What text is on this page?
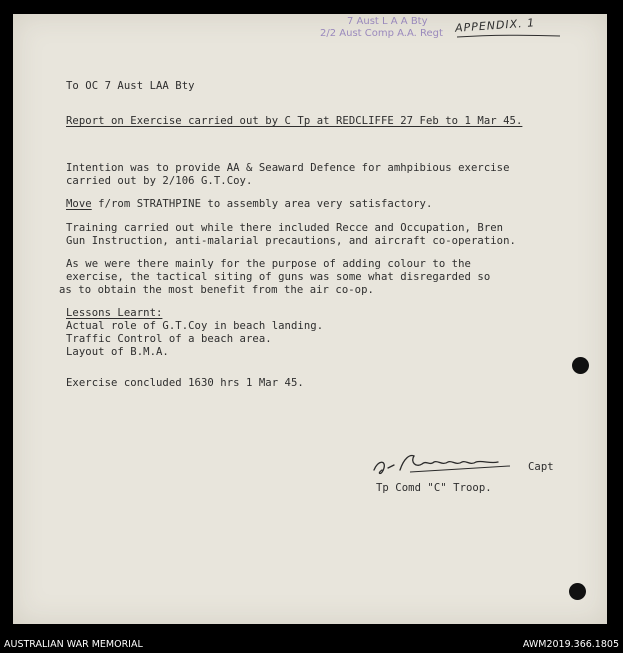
7 Aust L A A Bty
2/2 Aust Comp A.A. Regt APPENDIX. 1

To OC 7 Aust LAA Bty

Report on Exercise carried out by C Tp at REDCLIFFE 27 Feb to 1 Mar 45.

Intention was to provide AA & Seaward Defence for amhpibious exercise

carried out by 2/106 G.T.Coy.

Move f/rom STRATHPINE to assembly area very satisfactory.

Training carried out while there included Recce and Occupation, Bren

Gun Instruction, anti-malarial precautions, and aircraft co-operation.

As we were there mainly for the purpose of adding colour to the

exercise, the tactical siting of guns was some what disregarded so

as to obtain the most benefit from the air co-op.

Lessons Learnt:

Actual role of G.T.Coy in beach landing.

Traffic Control of a beach area.

Layout of B.M.A.

Exercise concluded 1630 hrs 1 Mar 45.

Capt

Tp Comd "C" Troop.

AUSTRALIAN WAR MEMORIAL	AWM2019.366.1805
